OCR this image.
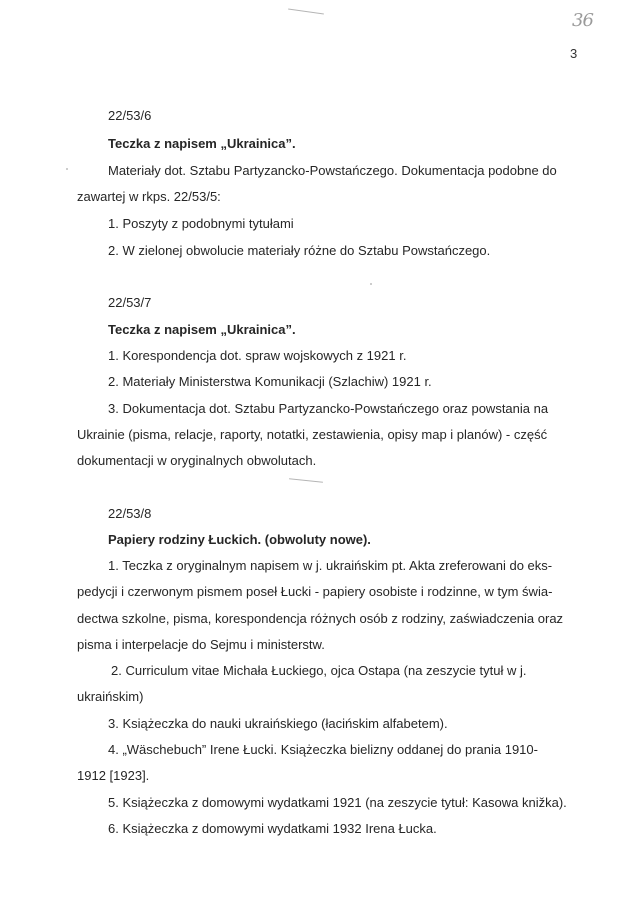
36
3
22/53/6
Teczka z napisem „Ukrainica”.
Materiały dot. Sztabu Partyzancko-Powstańczego. Dokumentacja podobne do
zawartej w rkps. 22/53/5:
1. Poszyty z podobnymi tytułami
2. W zielonej obwolucie materiały różne do Sztabu Powstańczego.
22/53/7
Teczka z napisem „Ukrainica”.
1. Korespondencja dot. spraw wojskowych z 1921 r.
2. Materiały Ministerstwa Komunikacji (Szlachiw) 1921 r.
3. Dokumentacja dot. Sztabu Partyzancko-Powstańczego oraz powstania na
Ukrainie (pisma, relacje, raporty, notatki, zestawienia, opisy map i planów) - część
dokumentacji w oryginalnych obwolutach.
22/53/8
Papiery rodziny Łuckich. (obwoluty nowe).
1. Teczka z oryginalnym napisem w j. ukraińskim pt. Akta zreferowani do eks-
pedycji i czerwonym pismem poseł Łucki - papiery osobiste i rodzinne, w tym świa-
dectwa szkolne, pisma, korespondencja różnych osób z rodziny, zaświadczenia oraz
pisma i interpelacje do Sejmu i ministerstw.
2. Curriculum vitae Michała Łuckiego, ojca Ostapa (na zeszycie tytuł w j.
ukraińskim)
3. Książeczka do nauki ukraińskiego (łacińskim alfabetem).
4. „Wäschebuch” Irene Łucki. Książeczka bielizny oddanej do prania 1910-
1912 [1923].
5. Książeczka z domowymi wydatkami 1921 (na zeszycie tytuł: Kasowa knižka).
6. Książeczka z domowymi wydatkami 1932 Irena Łucka.
